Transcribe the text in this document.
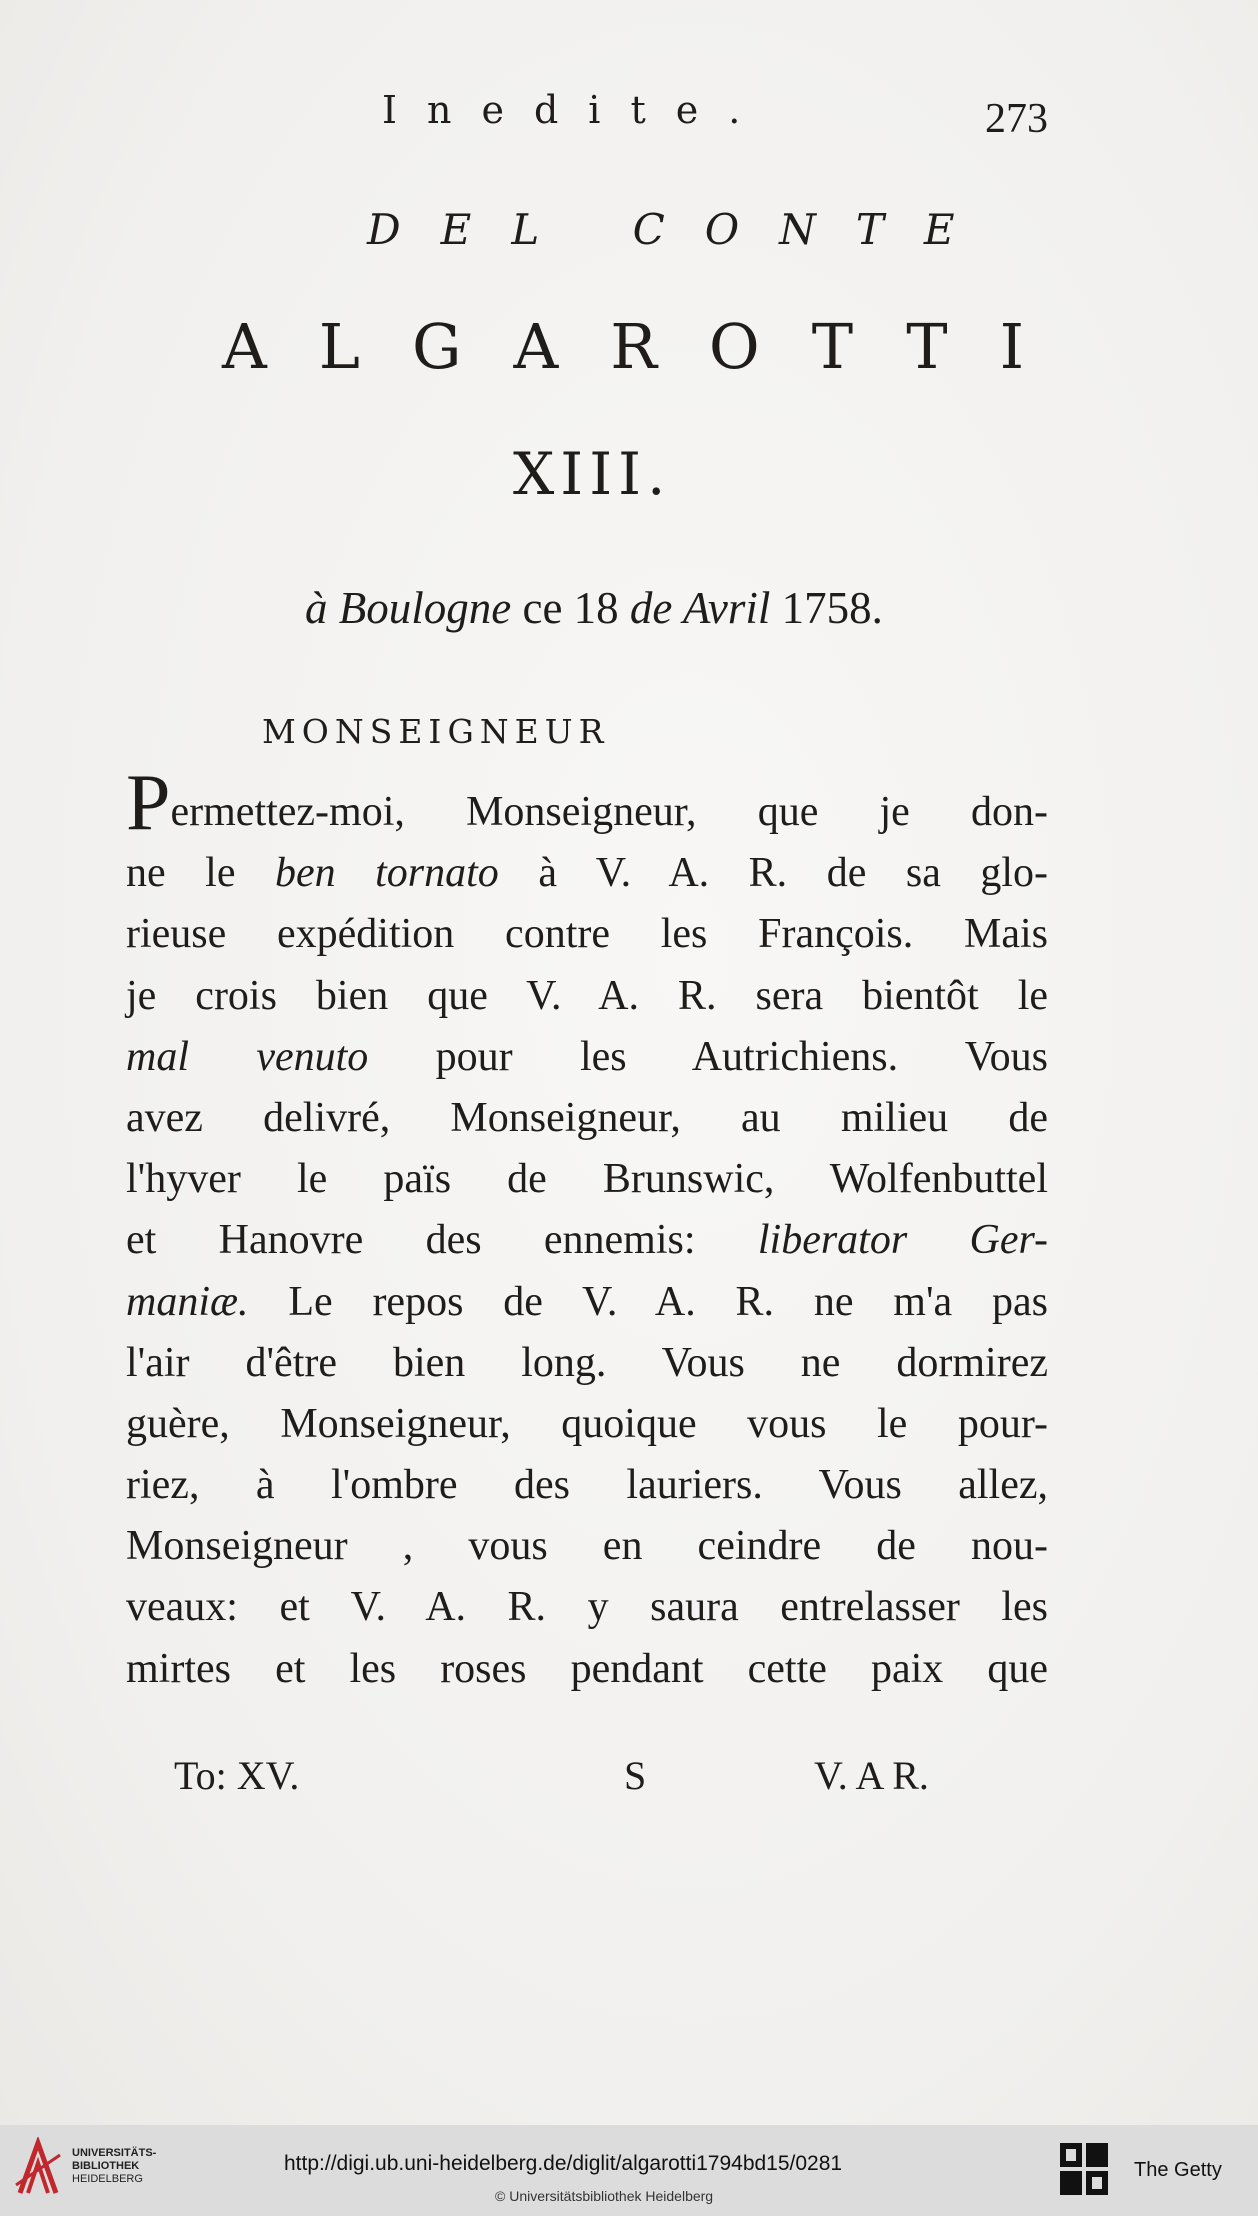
Inedite.	273
DEL CONTE
ALGAROTTI
XIII.
à Boulogne ce 18 de Avril 1758.
MONSEIGNEUR
Permettez-moi, Monseigneur, que je don-
ne le ben tornato à V. A. R. de sa glo-
rieuse expédition contre les François. Mais
je crois bien que V. A. R. sera bientôt le
mal venuto pour les Autrichiens. Vous
avez delivré, Monseigneur, au milieu de
l'hyver le païs de Brunswic, Wolfenbuttel
et Hanovre des ennemis: liberator Ger-
maniæ. Le repos de V. A. R. ne m'a pas
l'air d'être bien long. Vous ne dormirez
guère, Monseigneur, quoique vous le pour-
riez, à l'ombre des lauriers. Vous allez,
Monseigneur , vous en ceindre de nou-
veaux: et V. A. R. y saura entrelasser les
mirtes et les roses pendant cette paix que
To: XV.	S	V. A R.
UNIVERSITÄTS-
BIBLIOTHEK
HEIDELBERG
http://digi.ub.uni-heidelberg.de/diglit/algarotti1794bd15/0281
© Universitätsbibliothek Heidelberg
The Getty
